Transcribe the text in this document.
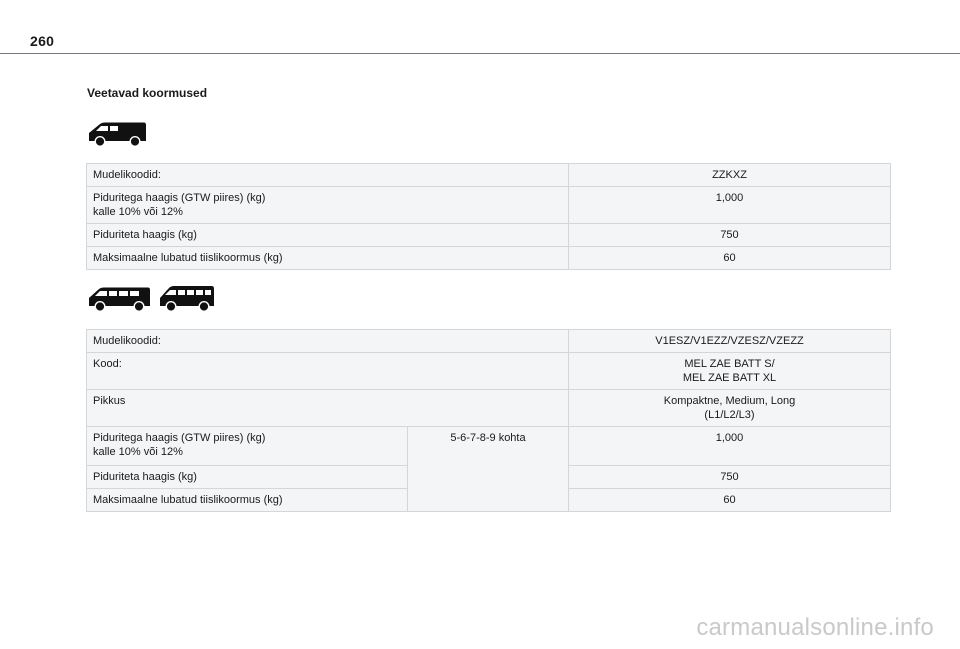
260
Veetavad koormused
Mudelikoodid:	ZZKXZ

Piduritega haagis (GTW piires) (kg)
kalle 10% või 12%	1,000
Piduriteta haagis (kg)	750
Maksimaalne lubatud tiislikoormus (kg)	60
Mudelikoodid:		V1ESZ/V1EZZ/VZESZ/VZEZZ
Kood:		MEL ZAE BATT S/
MEL ZAE BATT XL

Pikkus		Kompaktne, Medium, Long
(L1/L2/L3)

Piduritega haagis (GTW piires) (kg)
kalle 10% või 12%	5-6-7-8-9 kohta	1,000
Piduriteta haagis (kg)		750
Maksimaalne lubatud tiislikoormus (kg)		60
carmanualsonline.info
